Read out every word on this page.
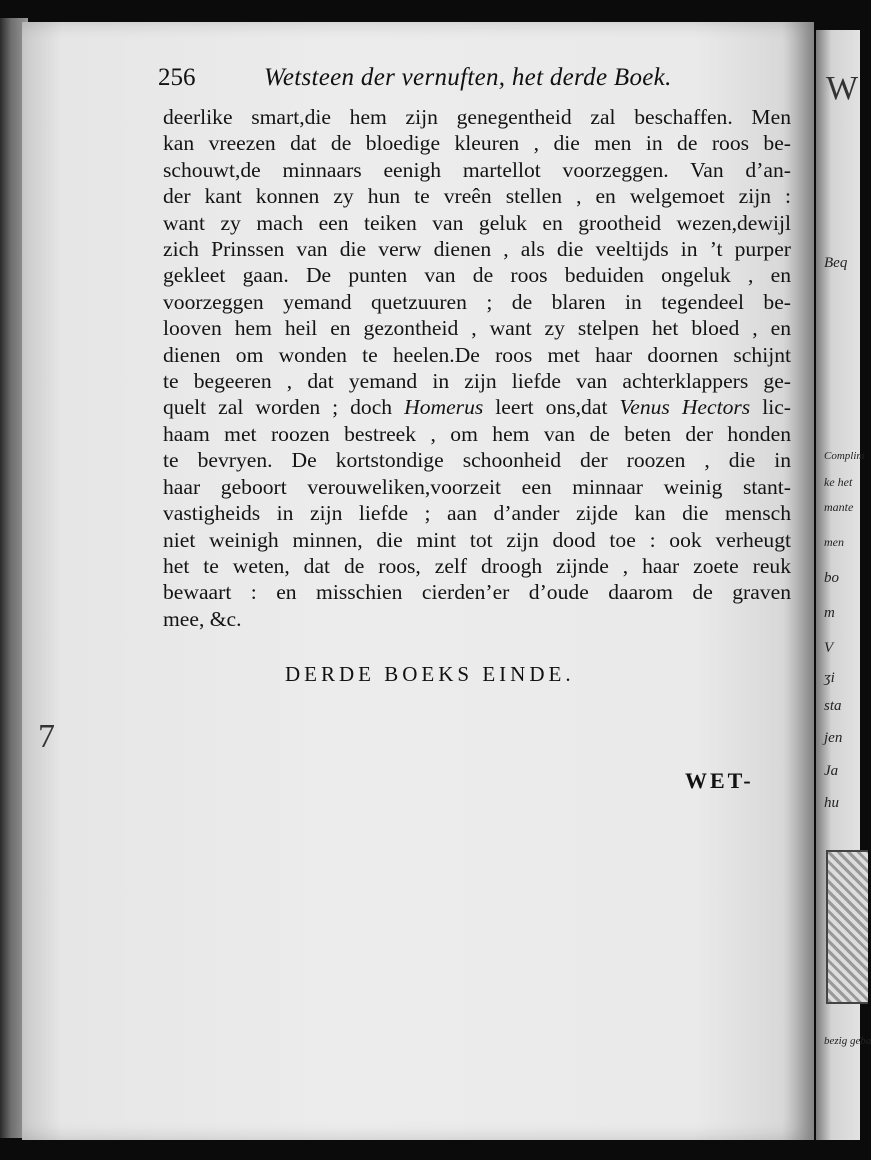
W
Beq
Complim
ke het
mante
men
bo
m
V
ʒi
sta
jen
Ja
hu
bezig geba
256	Wetsteen der vernuften, het derde Boek.
deerlike smart,die hem zijn genegentheid zal beschaffen. Men
kan vreezen dat de bloedige kleuren , die men in de roos be-
schouwt,de minnaars eenigh martellot voorzeggen. Van d’an-
der kant konnen zy hun te vreên stellen , en welgemoet zijn :
want zy mach een teiken van geluk en grootheid wezen,dewijl
zich Prinssen van die verw dienen , als die veeltijds in ’t purper
gekleet gaan. De punten van de roos beduiden ongeluk , en
voorzeggen yemand quetzuuren ; de blaren in tegendeel be-
looven hem heil en gezontheid , want zy stelpen het bloed , en
dienen om wonden te heelen.De roos met haar doornen schijnt
te begeeren , dat yemand in zijn liefde van achterklappers ge-
quelt zal worden ; doch Homerus leert ons,dat Venus Hectors lic-
haam met roozen bestreek , om hem van de beten der honden
te bevryen. De kortstondige schoonheid der roozen , die in
haar geboort verouweliken,voorzeit een minnaar weinig stant-
vastigheids in zijn liefde ; aan d’ander zijde kan die mensch
niet weinigh minnen, die mint tot zijn dood toe : ook verheugt
het te weten, dat de roos, zelf droogh zijnde , haar zoete reuk
bewaart : en misschien cierden’er d’oude daarom de graven
mee, &c.
DERDE BOEKS EINDE.
WET-
7
